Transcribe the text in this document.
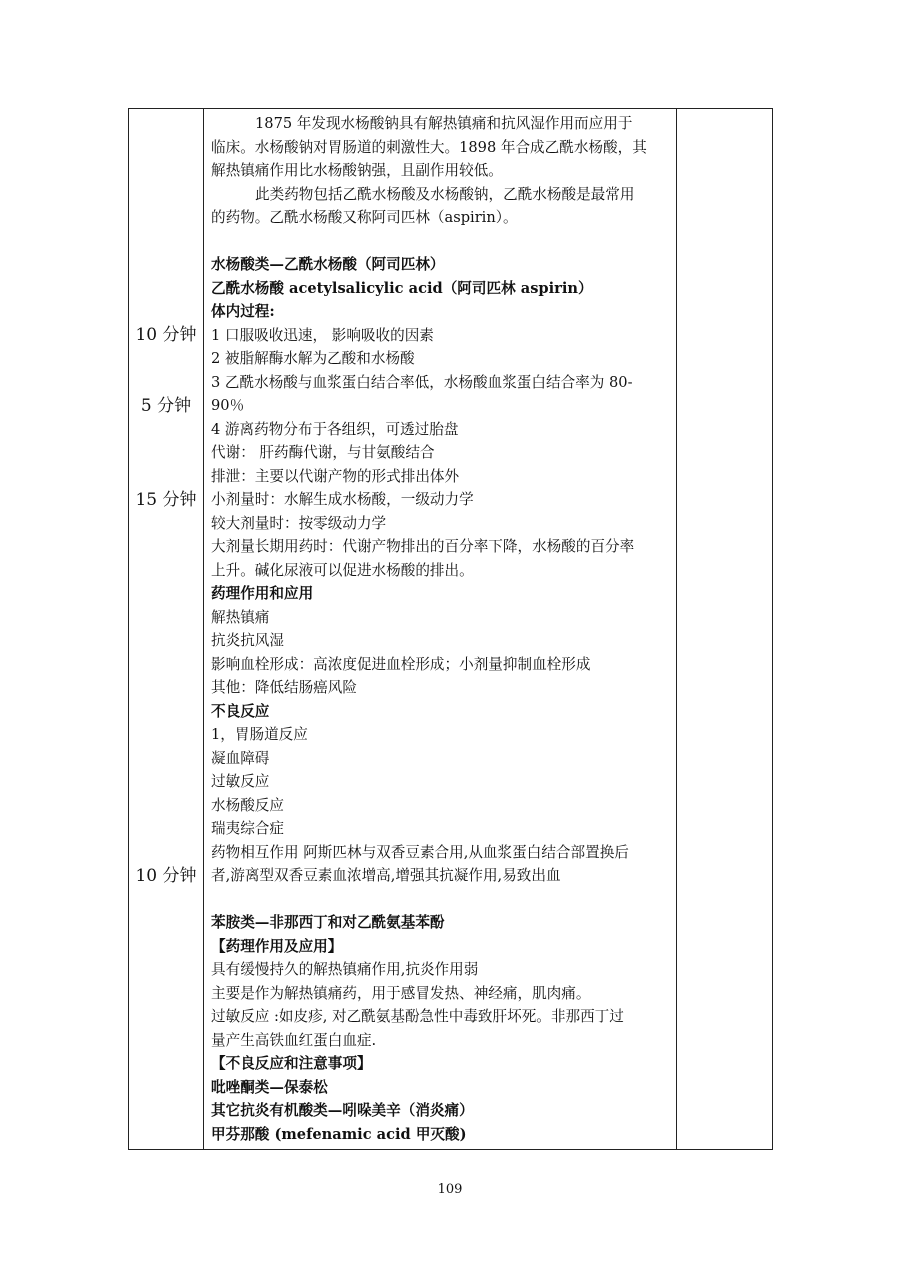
10 分钟
5 分钟
15 分钟
10 分钟
1875 年发现水杨酸钠具有解热镇痛和抗风湿作用而应用于
临床。水杨酸钠对胃肠道的刺激性大。1898 年合成乙酰水杨酸，其
解热镇痛作用比水杨酸钠强，且副作用较低。
此类药物包括乙酰水杨酸及水杨酸钠，乙酰水杨酸是最常用
的药物。乙酰水杨酸又称阿司匹林（aspirin）。
水杨酸类—乙酰水杨酸（阿司匹林）
乙酰水杨酸 acetylsalicylic acid（阿司匹林 aspirin）
体内过程:
1 口服吸收迅速， 影响吸收的因素
2 被脂解酶水解为乙酸和水杨酸
3 乙酰水杨酸与血浆蛋白结合率低，水杨酸血浆蛋白结合率为 80-
90％
4 游离药物分布于各组织，可透过胎盘
代谢： 肝药酶代谢，与甘氨酸结合
排泄：主要以代谢产物的形式排出体外
小剂量时：水解生成水杨酸，一级动力学
较大剂量时：按零级动力学
大剂量长期用药时：代谢产物排出的百分率下降，水杨酸的百分率
上升。碱化尿液可以促进水杨酸的排出。
药理作用和应用
解热镇痛
抗炎抗风湿
影响血栓形成：高浓度促进血栓形成；小剂量抑制血栓形成
其他：降低结肠癌风险
不良反应
1，胃肠道反应
凝血障碍
过敏反应
水杨酸反应
瑞夷综合症
药物相互作用 阿斯匹林与双香豆素合用,从血浆蛋白结合部置换后
者,游离型双香豆素血浓增高,增强其抗凝作用,易致出血
苯胺类—非那西丁和对乙酰氨基苯酚
【药理作用及应用】
具有缓慢持久的解热镇痛作用,抗炎作用弱
主要是作为解热镇痛药，用于感冒发热、神经痛，肌肉痛。
过敏反应 :如皮疹, 对乙酰氨基酚急性中毒致肝坏死。非那西丁过
量产生高铁血红蛋白血症.
【不良反应和注意事项】
吡唑酮类—保泰松
其它抗炎有机酸类—吲哚美辛（消炎痛）
甲芬那酸 (mefenamic acid 甲灭酸)
109
